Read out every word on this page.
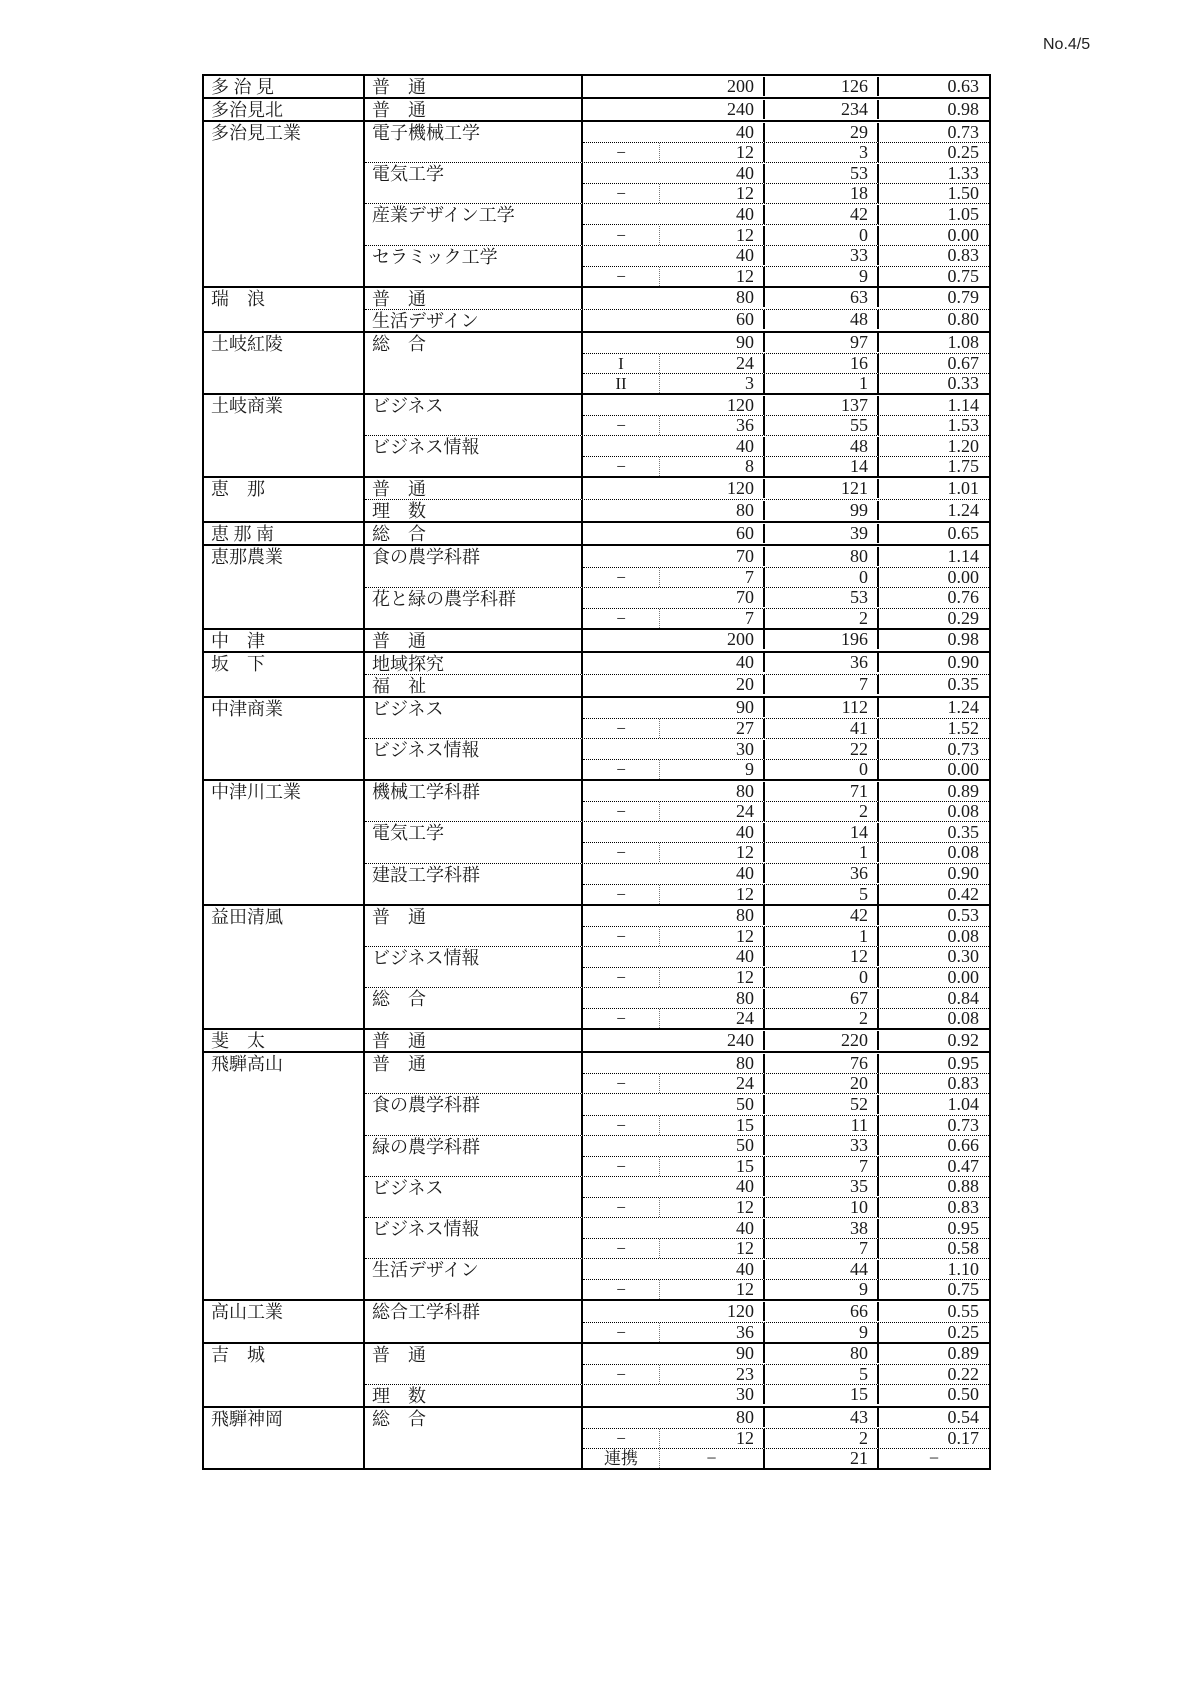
No.4/5
多 治 見	普　通	200	126	0.63
多治見北	普　通	240	234	0.98
多治見工業	電子機械工学	40	29	0.73
−	12	3	0.25
電気工学	40	53	1.33
−	12	18	1.50
産業デザイン工学	40	42	1.05
−	12	0	0.00
セラミック工学	40	33	0.83
−	12	9	0.75
瑞　浪	普　通	80	63	0.79
生活デザイン	60	48	0.80
土岐紅陵	総　合	90	97	1.08
I	24	16	0.67
II	3	1	0.33
土岐商業	ビジネス	120	137	1.14
−	36	55	1.53
ビジネス情報	40	48	1.20
−	8	14	1.75
恵　那	普　通	120	121	1.01
理　数	80	99	1.24
恵 那 南	総　合	60	39	0.65
恵那農業	食の農学科群	70	80	1.14
−	7	0	0.00
花と緑の農学科群	70	53	0.76
−	7	2	0.29
中　津	普　通	200	196	0.98
坂　下	地域探究	40	36	0.90
福　祉	20	7	0.35
中津商業	ビジネス	90	112	1.24
−	27	41	1.52
ビジネス情報	30	22	0.73
−	9	0	0.00
中津川工業	機械工学科群	80	71	0.89
−	24	2	0.08
電気工学	40	14	0.35
−	12	1	0.08
建設工学科群	40	36	0.90
−	12	5	0.42
益田清風	普　通	80	42	0.53
−	12	1	0.08
ビジネス情報	40	12	0.30
−	12	0	0.00
総　合	80	67	0.84
−	24	2	0.08
斐　太	普　通	240	220	0.92
飛騨高山	普　通	80	76	0.95
−	24	20	0.83
食の農学科群	50	52	1.04
−	15	11	0.73
緑の農学科群	50	33	0.66
−	15	7	0.47
ビジネス	40	35	0.88
−	12	10	0.83
ビジネス情報	40	38	0.95
−	12	7	0.58
生活デザイン	40	44	1.10
−	12	9	0.75
高山工業	総合工学科群	120	66	0.55
−	36	9	0.25
吉　城	普　通	90	80	0.89
−	23	5	0.22
理　数	30	15	0.50
飛騨神岡	総　合	80	43	0.54
−	12	2	0.17
連携	−	21	−
